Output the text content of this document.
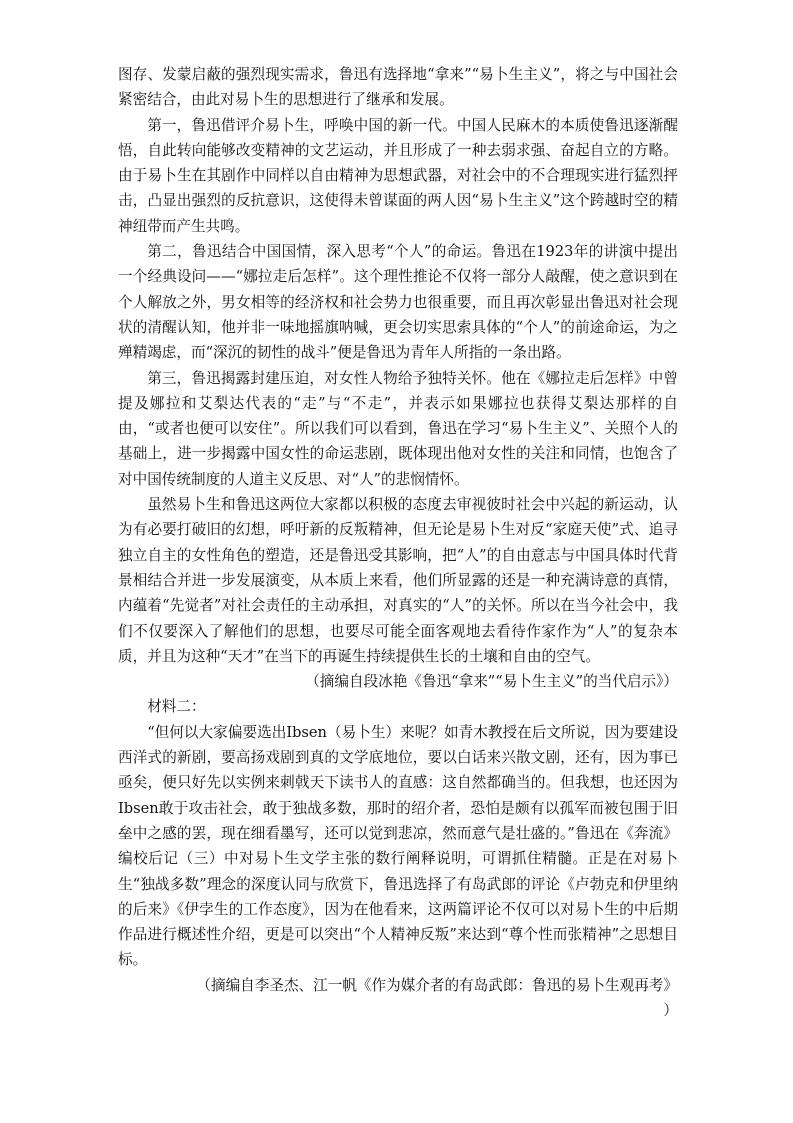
图存、发蒙启蔽的强烈现实需求，鲁迅有选择地“拿来”“易卜生主义”，将之与中国社会紧密结合，由此对易卜生的思想进行了继承和发展。

第一，鲁迅借评介易卜生，呼唤中国的新一代。中国人民麻木的本质使鲁迅逐渐醒悟，自此转向能够改变精神的文艺运动，并且形成了一种去弱求强、奋起自立的方略。由于易卜生在其剧作中同样以自由精神为思想武器，对社会中的不合理现实进行猛烈抨击，凸显出强烈的反抗意识，这使得未曾谋面的两人因“易卜生主义”这个跨越时空的精神纽带而产生共鸣。

第二，鲁迅结合中国国情，深入思考“个人”的命运。鲁迅在1923年的讲演中提出一个经典设问——“娜拉走后怎样”。这个理性推论不仅将一部分人敲醒，使之意识到在个人解放之外，男女相等的经济权和社会势力也很重要，而且再次彰显出鲁迅对社会现状的清醒认知，他并非一味地摇旗呐喊，更会切实思索具体的“个人”的前途命运，为之殚精竭虑，而“深沉的韧性的战斗”便是鲁迅为青年人所指的一条出路。

第三，鲁迅揭露封建压迫，对女性人物给予独特关怀。他在《娜拉走后怎样》中曾提及娜拉和艾梨达代表的“走”与“不走”，并表示如果娜拉也获得艾梨达那样的自由，“或者也便可以安住”。所以我们可以看到，鲁迅在学习“易卜生主义”、关照个人的基础上，进一步揭露中国女性的命运悲剧，既体现出他对女性的关注和同情，也饱含了对中国传统制度的人道主义反思、对“人”的悲悯情怀。

虽然易卜生和鲁迅这两位大家都以积极的态度去审视彼时社会中兴起的新运动，认为有必要打破旧的幻想，呼吁新的反叛精神，但无论是易卜生对反“家庭天使”式、追寻独立自主的女性角色的塑造，还是鲁迅受其影响，把“人”的自由意志与中国具体时代背景相结合并进一步发展演变，从本质上来看，他们所显露的还是一种充满诗意的真情，内蕴着“先觉者”对社会责任的主动承担，对真实的“人”的关怀。所以在当今社会中，我们不仅要深入了解他们的思想，也要尽可能全面客观地去看待作家作为“人”的复杂本质，并且为这种“天才”在当下的再诞生持续提供生长的土壤和自由的空气。

（摘编自段冰艳《鲁迅“拿来”“易卜生主义”的当代启示》）

材料二：

“但何以大家偏要选出Ibsen（易卜生）来呢？如青木教授在后文所说，因为要建设西洋式的新剧，要高扬戏剧到真的文学底地位，要以白话来兴散文剧，还有，因为事已亟矣，便只好先以实例来刺戟天下读书人的直感：这自然都确当的。但我想，也还因为Ibsen敢于攻击社会，敢于独战多数，那时的绍介者，恐怕是颇有以孤军而被包围于旧垒中之感的罢，现在细看墨写，还可以觉到悲凉，然而意气是壮盛的。”鲁迅在《奔流》编校后记（三）中对易卜生文学主张的数行阐释说明，可谓抓住精髓。正是在对易卜生“独战多数”理念的深度认同与欣赏下，鲁迅选择了有岛武郎的评论《卢勃克和伊里纳的后来》《伊孛生的工作态度》，因为在他看来，这两篇评论不仅可以对易卜生的中后期作品进行概述性介绍，更是可以突出“个人精神反叛”来达到“尊个性而张精神”之思想目标。

（摘编自李圣杰、江一帆《作为媒介者的有岛武郎：鲁迅的易卜生观再考》

）
